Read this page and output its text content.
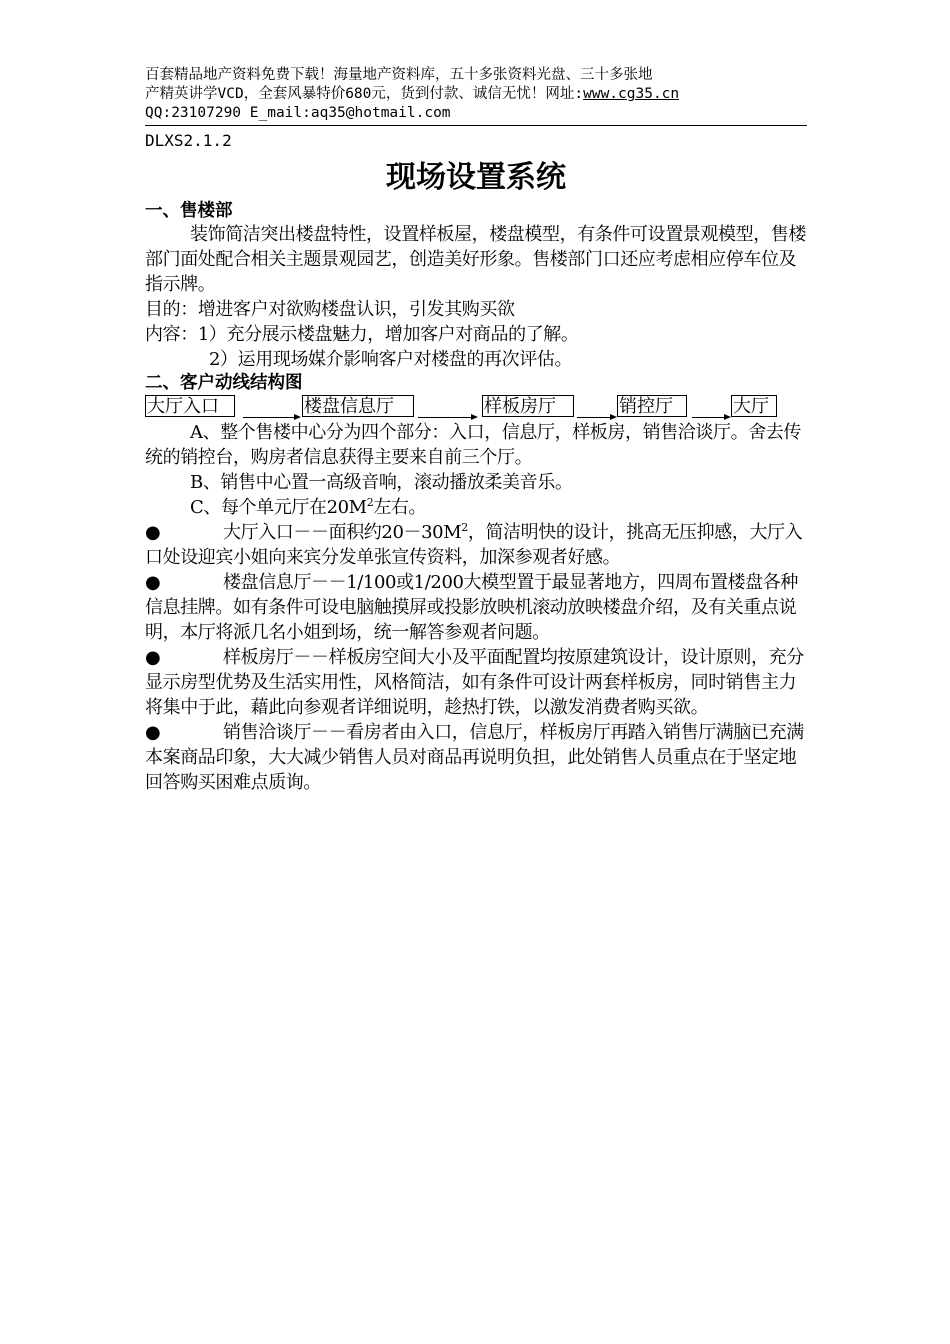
百套精品地产资料免费下载！海量地产资料库，五十多张资料光盘、三十多张地
产精英讲学VCD，全套风暴特价680元，货到付款、诚信无忧！网址:www.cg35.cn
QQ:23107290 E_mail:aq35@hotmail.com
DLXS2.1.2
现场设置系统
一、售楼部

装饰简洁突出楼盘特性，设置样板屋，楼盘模型，有条件可设置景观模型，售楼部门面处配合相关主题景观园艺，创造美好形象。售楼部门口还应考虑相应停车位及指示牌。

目的：增进客户对欲购楼盘认识，引发其购买欲

内容：1）充分展示楼盘魅力，增加客户对商品的了解。

2）运用现场媒介影响客户对楼盘的再次评估。

二、客户动线结构图
大厅入口	楼盘信息厅	样板房厅	销控厅	大厅

A、整个售楼中心分为四个部分：入口，信息厅，样板房，销售洽谈厅。舍去传统的销控台，购房者信息获得主要来自前三个厅。

B、销售中心置一高级音响，滚动播放柔美音乐。

C、每个单元厅在$20M^2$左右。

●	大厅入口－－面积约$20-30M^2$，简洁明快的设计，挑高无压抑感，大厅入口处设迎宾小姐向来宾分发单张宣传资料，加深参观者好感。

●	楼盘信息厅－－1/100或1/200大模型置于最显著地方，四周布置楼盘各种信息挂牌。如有条件可设电脑触摸屏或投影放映机滚动放映楼盘介绍，及有关重点说明，本厅将派几名小姐到场，统一解答参观者问题。

●	样板房厅－－样板房空间大小及平面配置均按原建筑设计，设计原则，充分显示房型优势及生活实用性，风格简洁，如有条件可设计两套样板房，同时销售主力将集中于此，藉此向参观者详细说明，趁热打铁，以激发消费者购买欲。

●	销售洽谈厅－－看房者由入口，信息厅，样板房厅再踏入销售厅满脑已充满本案商品印象，大大减少销售人员对商品再说明负担，此处销售人员重点在于坚定地回答购买困难点质询。
